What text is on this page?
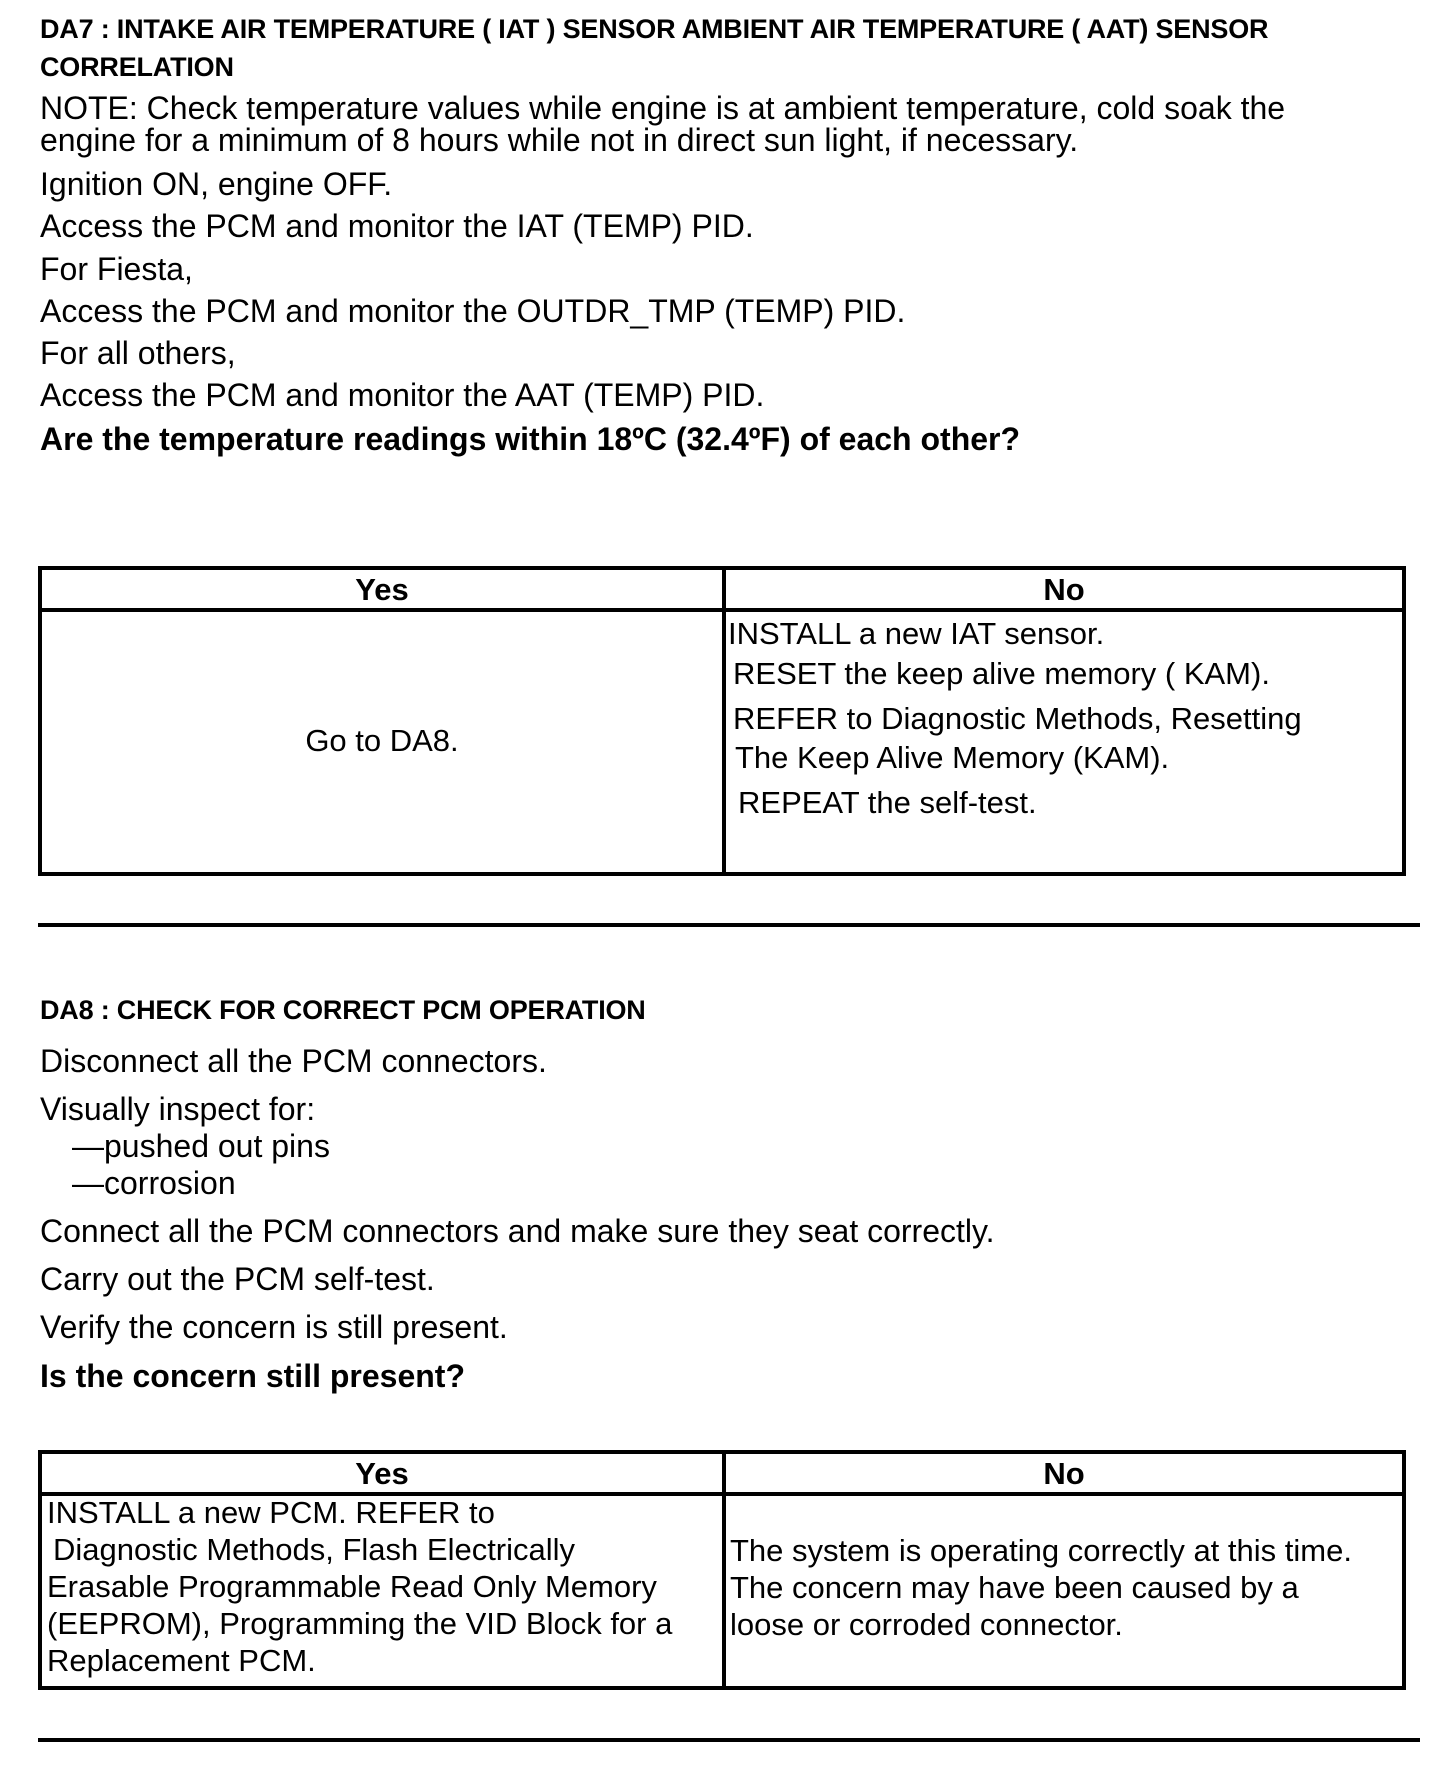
DA7 : INTAKE AIR TEMPERATURE ( IAT ) SENSOR AMBIENT AIR TEMPERATURE ( AAT) SENSOR CORRELATION
NOTE: Check temperature values while engine is at ambient temperature, cold soak the
engine for a minimum of 8 hours while not in direct sun light, if necessary.
Ignition ON, engine OFF.
Access the PCM and monitor the IAT (TEMP) PID.
For Fiesta,
Access the PCM and monitor the OUTDR_TMP (TEMP) PID.
For all others,
Access the PCM and monitor the AAT (TEMP) PID.
Are the temperature readings within 18ºC (32.4ºF) of each other?
Yes	No
Go to DA8.
INSTALL a new IAT sensor.
RESET the keep alive memory ( KAM).
REFER to Diagnostic Methods, Resetting
The Keep Alive Memory (KAM).
REPEAT the self-test.
DA8 : CHECK FOR CORRECT PCM OPERATION
Disconnect all the PCM connectors.
Visually inspect for:
—pushed out pins
—corrosion
Connect all the PCM connectors and make sure they seat correctly.
Carry out the PCM self-test.
Verify the concern is still present.
Is the concern still present?
Yes	No
INSTALL a new PCM. REFER to
Diagnostic Methods, Flash Electrically
Erasable Programmable Read Only Memory
(EEPROM), Programming the VID Block for a
Replacement PCM.
The system is operating correctly at this time.
The concern may have been caused by a
loose or corroded connector.
